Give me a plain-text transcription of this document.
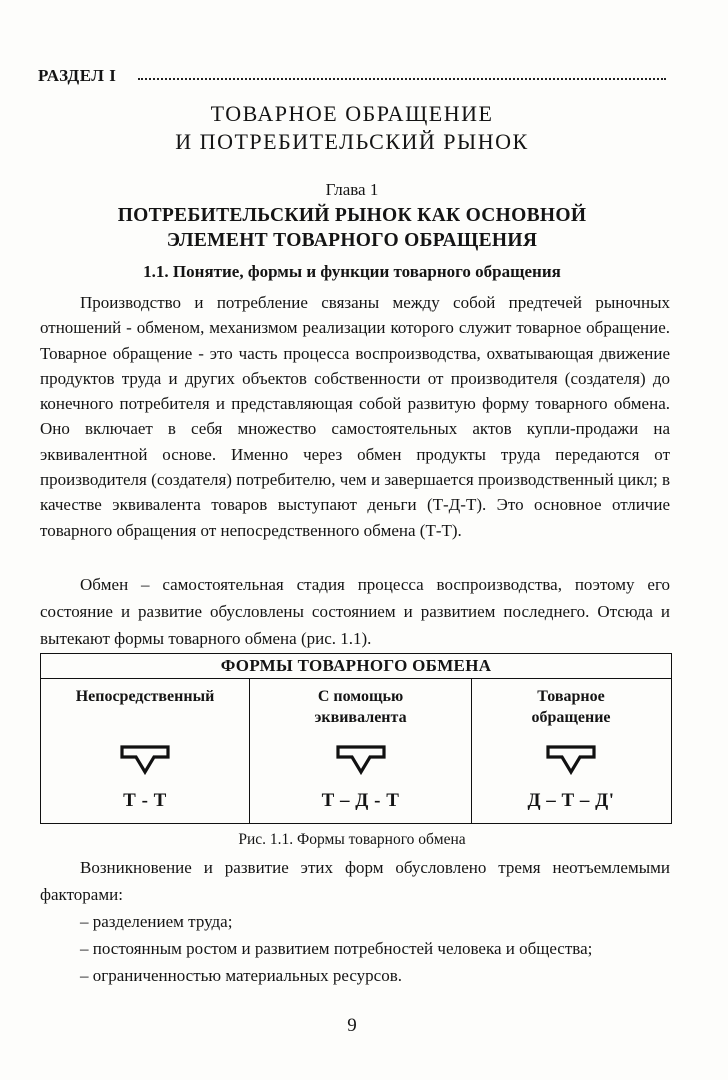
РАЗДЕЛ I
ТОВАРНОЕ ОБРАЩЕНИЕ
И ПОТРЕБИТЕЛЬСКИЙ РЫНОК
Глава 1
ПОТРЕБИТЕЛЬСКИЙ РЫНОК КАК ОСНОВНОЙ
ЭЛЕМЕНТ ТОВАРНОГО ОБРАЩЕНИЯ
1.1. Понятие, формы и функции товарного обращения

Производство и потребление связаны между собой предтечей рыночных отношений - обменом, механизмом реализации которого служит товарное обращение. Товарное обращение - это часть процесса воспроизводства, охватывающая движение продуктов труда и других объектов собственности от производителя (создателя) до конечного потребителя и представляющая собой развитую форму товарного обмена. Оно включает в себя множество самостоятельных актов купли-продажи на эквивалентной основе. Именно через обмен продукты труда передаются от производителя (создателя) потребителю, чем и завершается производственный цикл; в качестве эквивалента товаров выступают деньги (Т-Д-Т). Это основное отличие товарного обращения от непосредственного обмена (Т-Т).

Обмен – самостоятельная стадия процесса воспроизводства, поэтому его состояние и развитие обусловлены состоянием и развитием последнего. Отсюда и вытекают формы товарного обмена (рис. 1.1).

ФОРМЫ ТОВАРНОГО ОБМЕНА
Непосредственный
Т - Т
С помощью
эквивалента
Т – Д - Т
Товарное
обращение
Д – Т – Д'
Рис. 1.1. Формы товарного обмена

Возникновение и развитие этих форм обусловлено тремя неотъемлемыми факторами:

– разделением труда;
– постоянным ростом и развитием потребностей человека и общества;
– ограниченностью материальных ресурсов.
9
